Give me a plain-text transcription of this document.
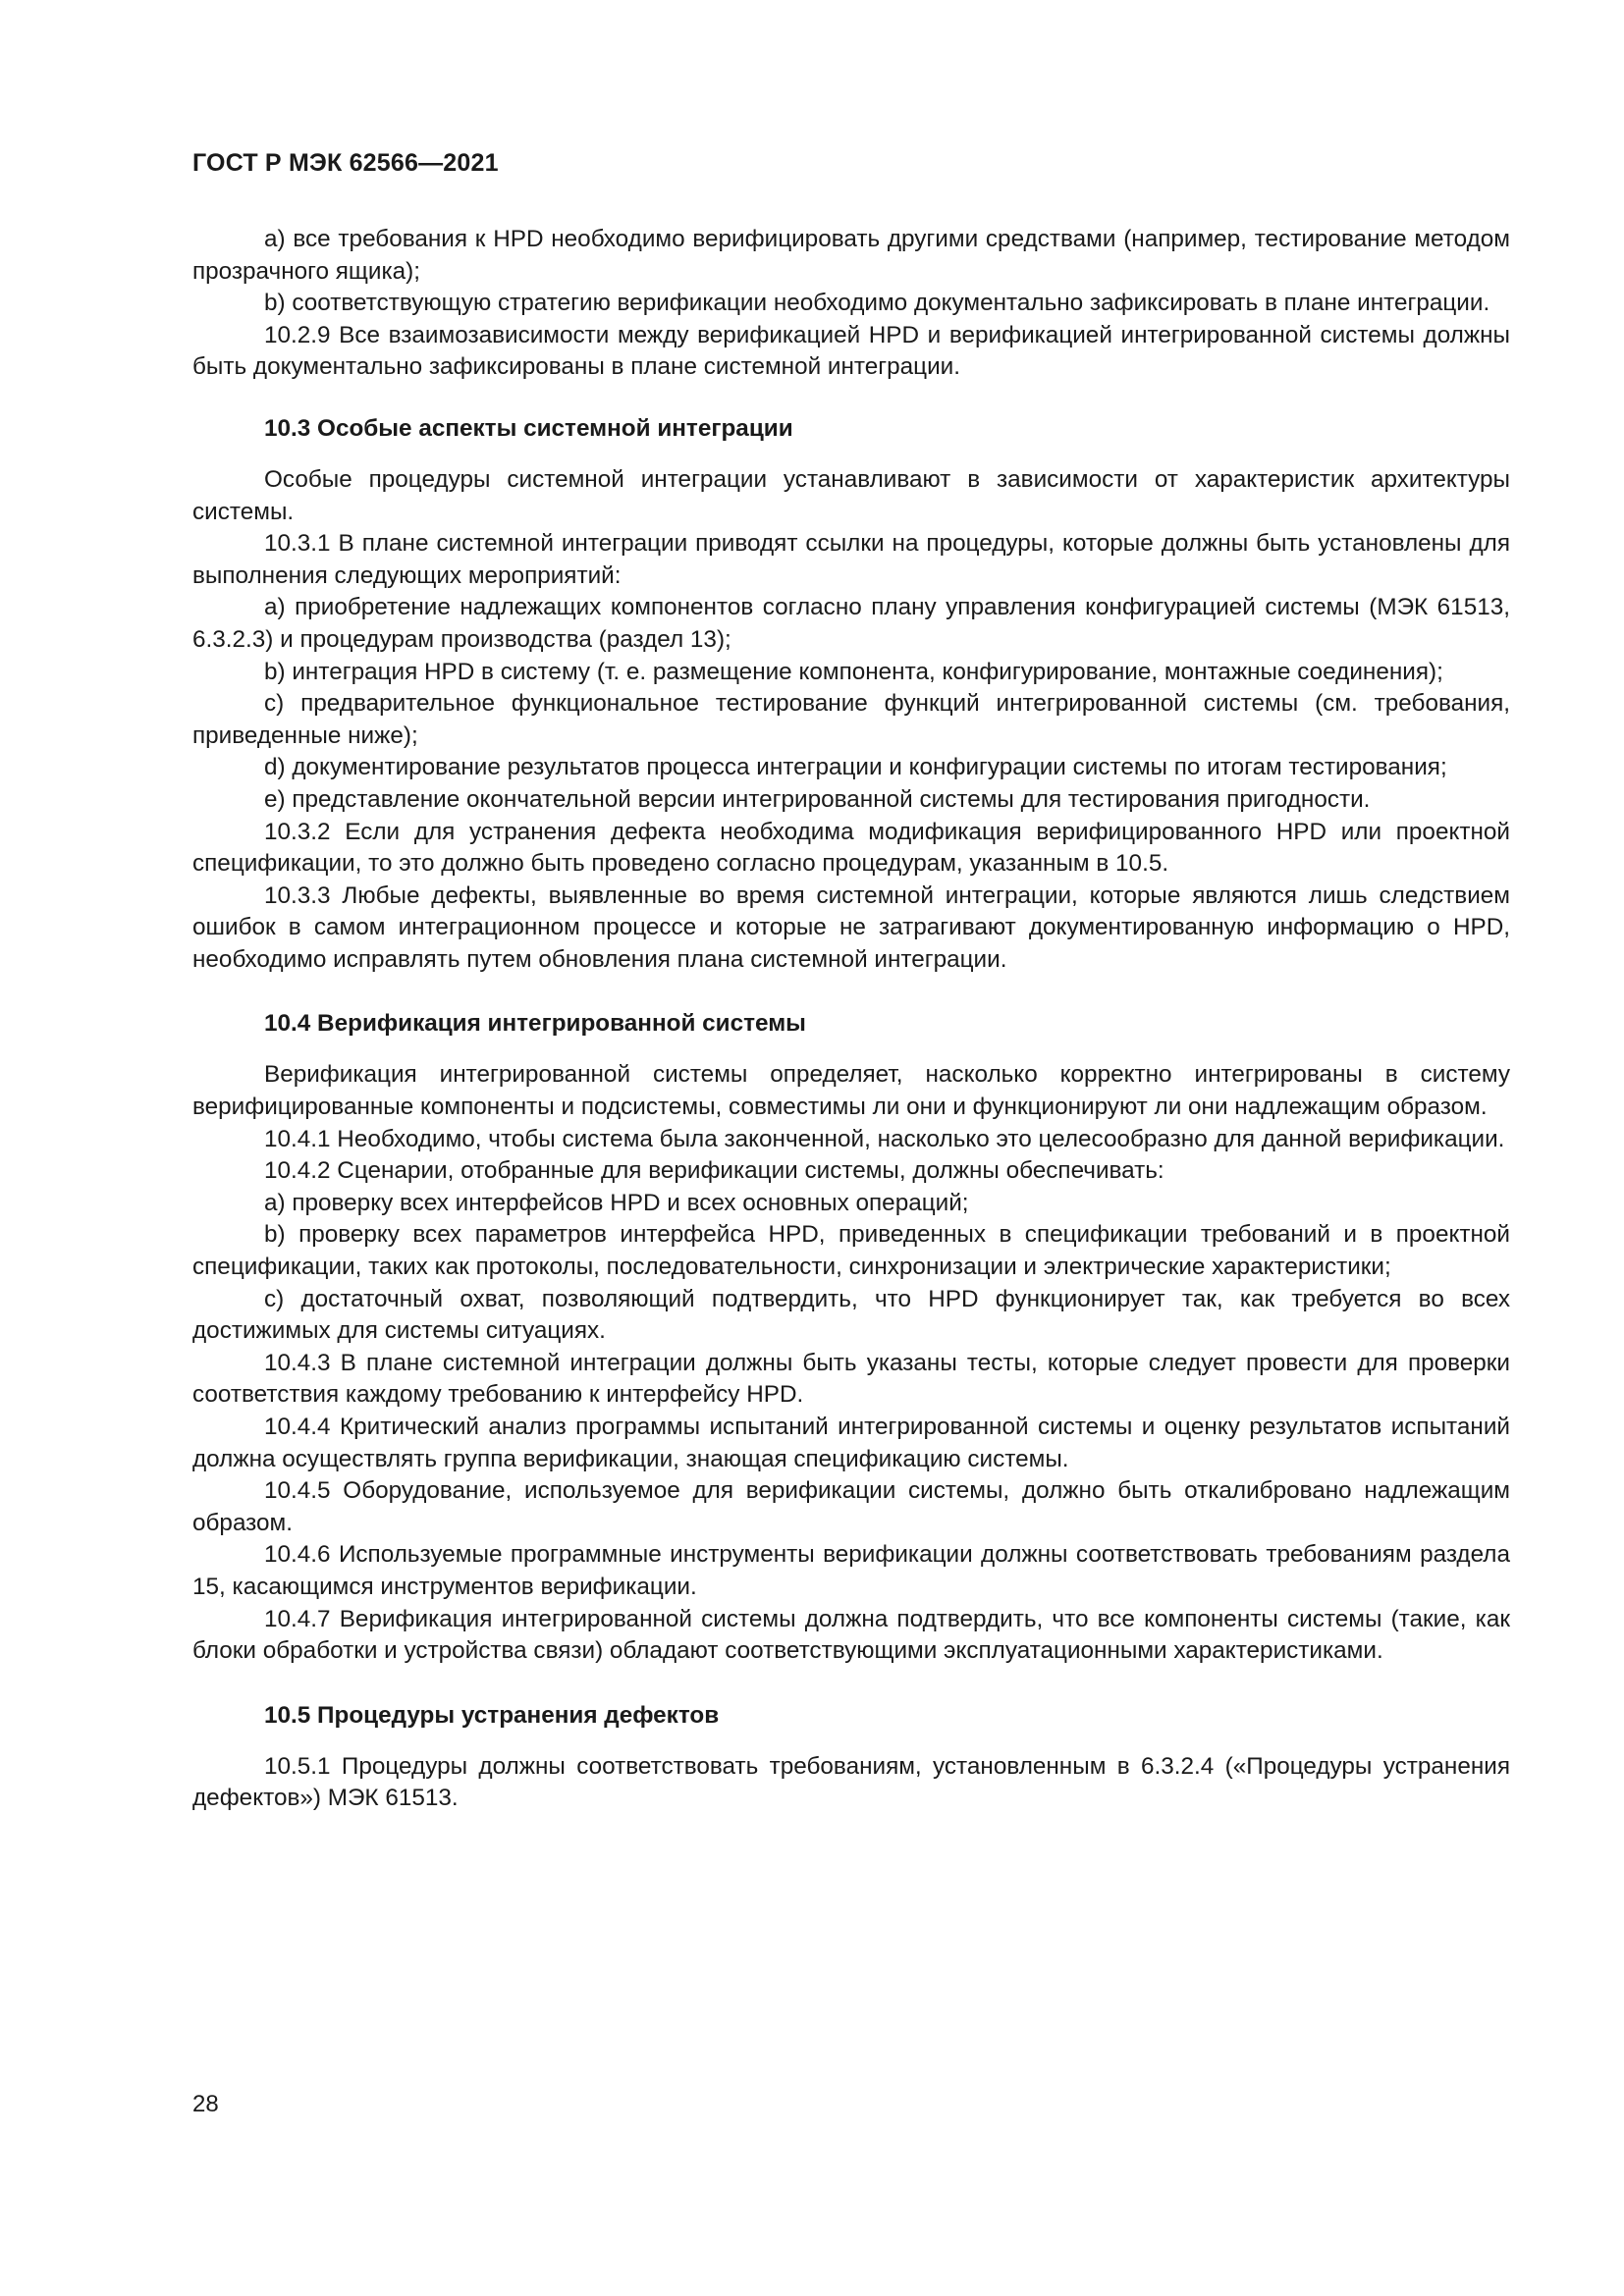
ГОСТ Р МЭК 62566—2021

а) все требования к HPD необходимо верифицировать другими средствами (например, тестирование методом прозрачного ящика);

b) соответствующую стратегию верификации необходимо документально зафиксировать в плане интеграции.

10.2.9 Все взаимозависимости между верификацией HPD и верификацией интегрированной системы должны быть документально зафиксированы в плане системной интеграции.

10.3 Особые аспекты системной интеграции

Особые процедуры системной интеграции устанавливают в зависимости от характеристик архитектуры системы.

10.3.1 В плане системной интеграции приводят ссылки на процедуры, которые должны быть установлены для выполнения следующих мероприятий:

а) приобретение надлежащих компонентов согласно плану управления конфигурацией системы (МЭК 61513, 6.3.2.3) и процедурам производства (раздел 13);

b) интеграция HPD в систему (т. е. размещение компонента, конфигурирование, монтажные соединения);

с) предварительное функциональное тестирование функций интегрированной системы (см. требования, приведенные ниже);

d) документирование результатов процесса интеграции и конфигурации системы по итогам тестирования;

е) представление окончательной версии интегрированной системы для тестирования пригодности.

10.3.2 Если для устранения дефекта необходима модификация верифицированного HPD или проектной спецификации, то это должно быть проведено согласно процедурам, указанным в 10.5.

10.3.3 Любые дефекты, выявленные во время системной интеграции, которые являются лишь следствием ошибок в самом интеграционном процессе и которые не затрагивают документированную информацию о HPD, необходимо исправлять путем обновления плана системной интеграции.

10.4 Верификация интегрированной системы

Верификация интегрированной системы определяет, насколько корректно интегрированы в систему верифицированные компоненты и подсистемы, совместимы ли они и функционируют ли они надлежащим образом.

10.4.1 Необходимо, чтобы система была законченной, насколько это целесообразно для данной верификации.

10.4.2 Сценарии, отобранные для верификации системы, должны обеспечивать:

а) проверку всех интерфейсов HPD и всех основных операций;

b) проверку всех параметров интерфейса HPD, приведенных в спецификации требований и в проектной спецификации, таких как протоколы, последовательности, синхронизации и электрические характеристики;

с) достаточный охват, позволяющий подтвердить, что HPD функционирует так, как требуется во всех достижимых для системы ситуациях.

10.4.3 В плане системной интеграции должны быть указаны тесты, которые следует провести для проверки соответствия каждому требованию к интерфейсу HPD.

10.4.4 Критический анализ программы испытаний интегрированной системы и оценку результатов испытаний должна осуществлять группа верификации, знающая спецификацию системы.

10.4.5 Оборудование, используемое для верификации системы, должно быть откалибровано надлежащим образом.

10.4.6 Используемые программные инструменты верификации должны соответствовать требованиям раздела 15, касающимся инструментов верификации.

10.4.7 Верификация интегрированной системы должна подтвердить, что все компоненты системы (такие, как блоки обработки и устройства связи) обладают соответствующими эксплуатационными характеристиками.

10.5 Процедуры устранения дефектов

10.5.1 Процедуры должны соответствовать требованиям, установленным в 6.3.2.4 («Процедуры устранения дефектов») МЭК 61513.

28
